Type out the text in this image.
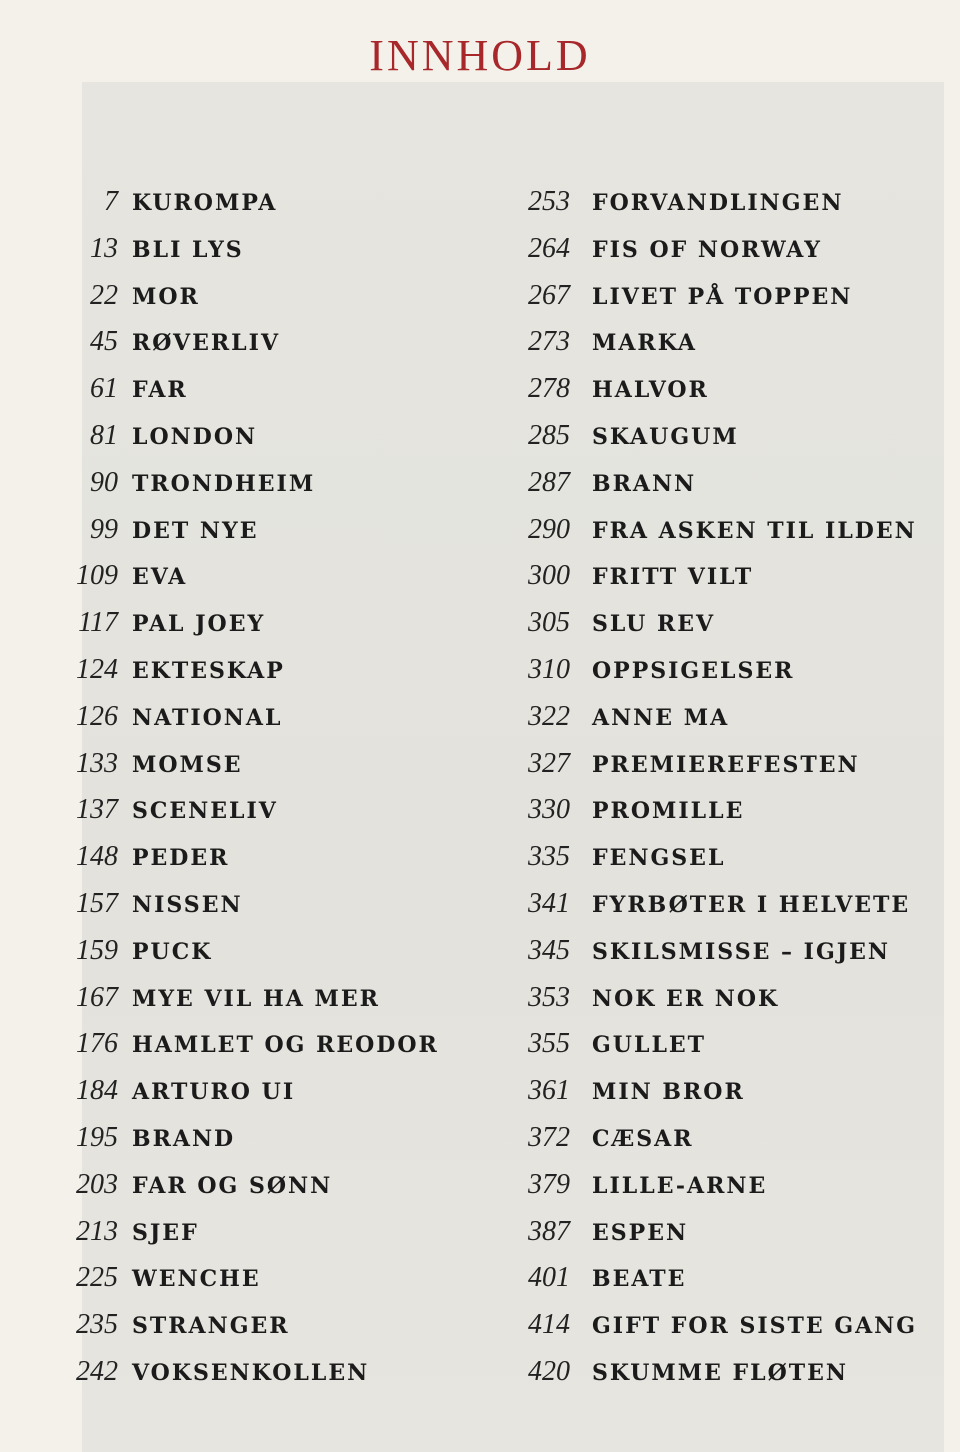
INNHOLD
7 KUROMPA
13 BLI LYS
22 MOR
45 RØVERLIV
61 FAR
81 LONDON
90 TRONDHEIM
99 DET NYE
109 EVA
117 PAL JOEY
124 EKTESKAP
126 NATIONAL
133 MOMSE
137 SCENELIV
148 PEDER
157 NISSEN
159 PUCK
167 MYE VIL HA MER
176 HAMLET OG REODOR
184 ARTURO UI
195 BRAND
203 FAR OG SØNN
213 SJEF
225 WENCHE
235 STRANGER
242 VOKSENKOLLEN
253	FORVANDLINGEN
264	FIS OF NORWAY
267	LIVET PÅ TOPPEN
273	MARKA
278	HALVOR
285	SKAUGUM
287	BRANN
290	FRA ASKEN TIL ILDEN
300	FRITT VILT
305	SLU REV
310	OPPSIGELSER
322	ANNE MA
327	PREMIEREFESTEN
330	PROMILLE
335	FENGSEL
341	FYRBØTER I HELVETE
345	SKILSMISSE – IGJEN
353	NOK ER NOK
355	GULLET
361	MIN BROR
372	CÆSAR
379	LILLE-ARNE
387	ESPEN
401	BEATE
414	GIFT FOR SISTE GANG
420	SKUMME FLØTEN
